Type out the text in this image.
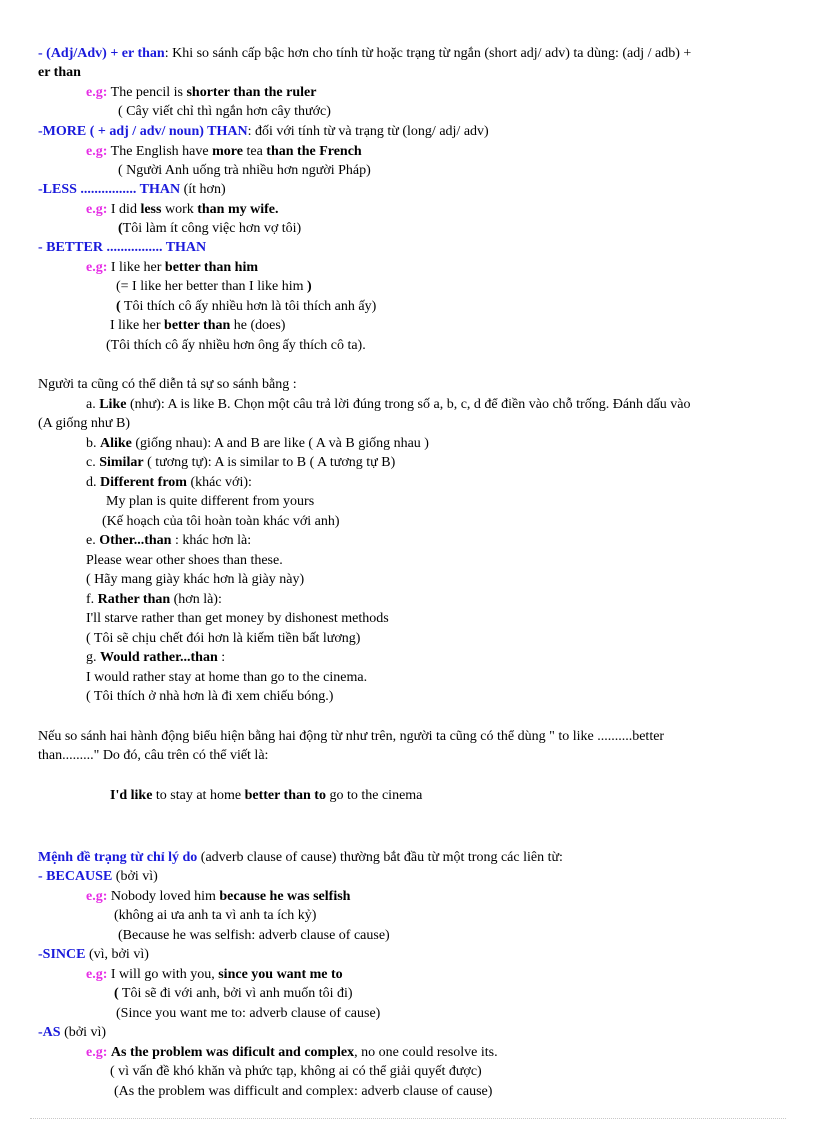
- (Adj/Adv) + er than: Khi so sánh cấp bậc hơn cho tính từ hoặc trạng từ ngắn (short adj/ adv) ta dùng: (adj / adb) +
er than
e.g: The pencil is shorter than the ruler
( Cây viết chỉ thì ngắn hơn cây thước)
-MORE ( + adj / adv/ noun) THAN: đối với tính từ và trạng từ (long/ adj/ adv)
e.g: The English have more tea than the French
( Người Anh uống trà nhiều hơn người Pháp)
-LESS ................ THAN (ít hơn)
e.g: I did less work than my wife.
(Tôi làm ít công việc hơn vợ tôi)
- BETTER ................ THAN
e.g: I like her better than him
(= I like her better than I like him )
( Tôi thích cô ấy nhiều hơn là tôi thích anh ấy)
I like her better than he (does)
(Tôi thích cô ấy nhiều hơn ông ấy thích cô ta).
Người ta cũng có thể diễn tả sự so sánh bằng :
a. Like (như): A is like B. Chọn một câu trả lời đúng trong số a, b, c, d để điền vào chỗ trống. Đánh dấu vào
(A giống như B)
b. Alike (giống nhau): A and B are like ( A và B giống nhau )
c. Similar ( tương tự): A is similar to B ( A tương tự B)
d. Different from (khác với):
My plan is quite different from yours
(Kế hoạch của tôi hoàn toàn khác với anh)
e. Other...than : khác hơn là:
Please wear other shoes than these.
( Hãy mang giày khác hơn là giày này)
f. Rather than (hơn là):
I'll starve rather than get money by dishonest methods
( Tôi sẽ chịu chết đói hơn là kiếm tiền bất lương)
g. Would rather...than :
I would rather stay at home than go to the cinema.
( Tôi thích ở nhà hơn là đi xem chiếu bóng.)
Nếu so sánh hai hành động biểu hiện bằng hai động từ như trên, người ta cũng có thể dùng " to like ..........better
than........." Do đó, câu trên có thể viết là:
I'd like to stay at home better than to go to the cinema
Mệnh đề trạng từ chỉ lý do (adverb clause of cause) thường bắt đầu từ một trong các liên từ:
- BECAUSE (bởi vì)
e.g: Nobody loved him because he was selfish
(không ai ưa anh ta vì anh ta ích kỷ)
(Because he was selfish: adverb clause of cause)
-SINCE (vì, bởi vì)
e.g: I will go with you, since you want me to
( Tôi sẽ đi với anh, bởi vì anh muốn tôi đi)
(Since you want me to: adverb clause of cause)
-AS (bởi vì)
e.g: As the problem was dificult and complex, no one could resolve its.
( vì vấn đề khó khăn và phức tạp, không ai có thể giải quyết được)
(As the problem was difficult and complex: adverb clause of cause)
